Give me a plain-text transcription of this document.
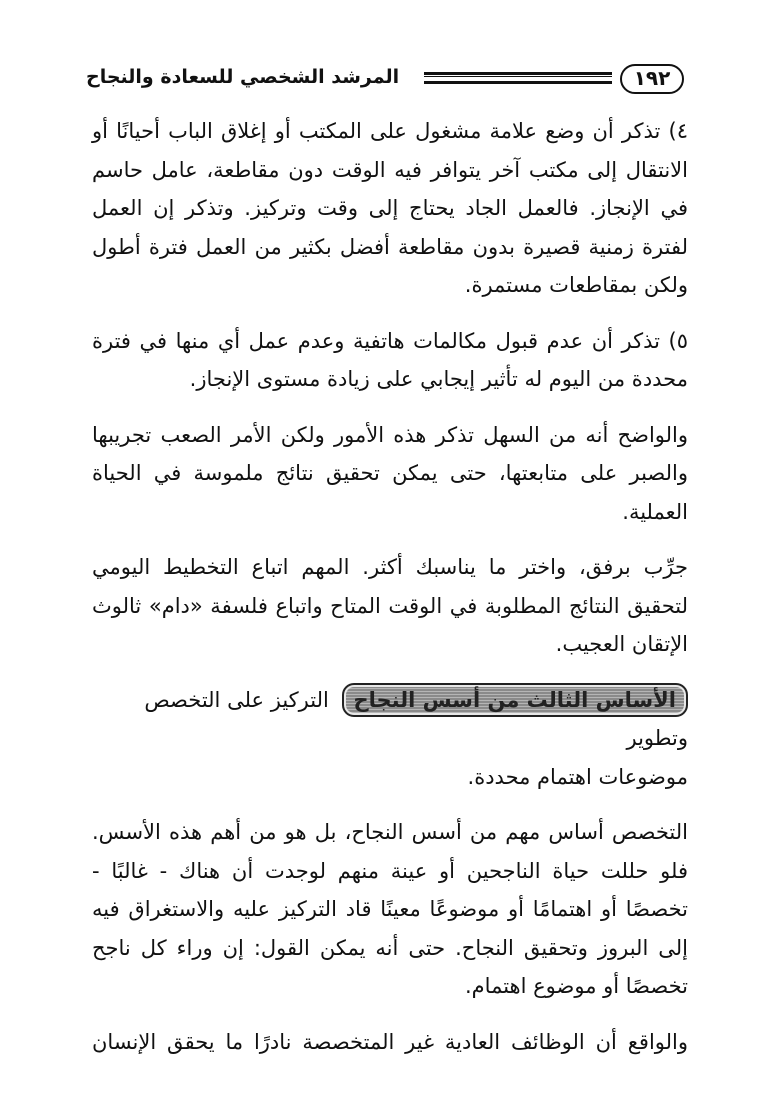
١٩٢
المرشد الشخصي للسعادة والنجاح

٤) تذكر أن وضع علامة مشغول على المكتب أو إغلاق الباب أحيانًا أو الانتقال إلى مكتب آخر يتوافر فيه الوقت دون مقاطعة، عامل حاسم في الإنجاز. فالعمل الجاد يحتاج إلى وقت وتركيز. وتذكر إن العمل لفترة زمنية قصيرة بدون مقاطعة أفضل بكثير من العمل فترة أطول ولكن بمقاطعات مستمرة.

٥) تذكر أن عدم قبول مكالمات هاتفية وعدم عمل أي منها في فترة محددة من اليوم له تأثير إيجابي على زيادة مستوى الإنجاز.

والواضح أنه من السهل تذكر هذه الأمور ولكن الأمر الصعب تجريبها والصبر على متابعتها، حتى يمكن تحقيق نتائج ملموسة في الحياة العملية.

جرِّب برفق، واختر ما يناسبك أكثر. المهم اتباع التخطيط اليومي لتحقيق النتائج المطلوبة في الوقت المتاح واتباع فلسفة «دام» ثالوث الإتقان العجيب.

الأساس الثالث من أسس النجاح التركيز على التخصص وتطوير

موضوعات اهتمام محددة.

التخصص أساس مهم من أسس النجاح، بل هو من أهم هذه الأسس. فلو حللت حياة الناجحين أو عينة منهم لوجدت أن هناك - غالبًا - تخصصًا أو اهتمامًا أو موضوعًا معينًا قاد التركيز عليه والاستغراق فيه إلى البروز وتحقيق النجاح. حتى أنه يمكن القول: إن وراء كل ناجح تخصصًا أو موضوع اهتمام.

والواقع أن الوظائف العادية غير المتخصصة نادرًا ما يحقق الإنسان
